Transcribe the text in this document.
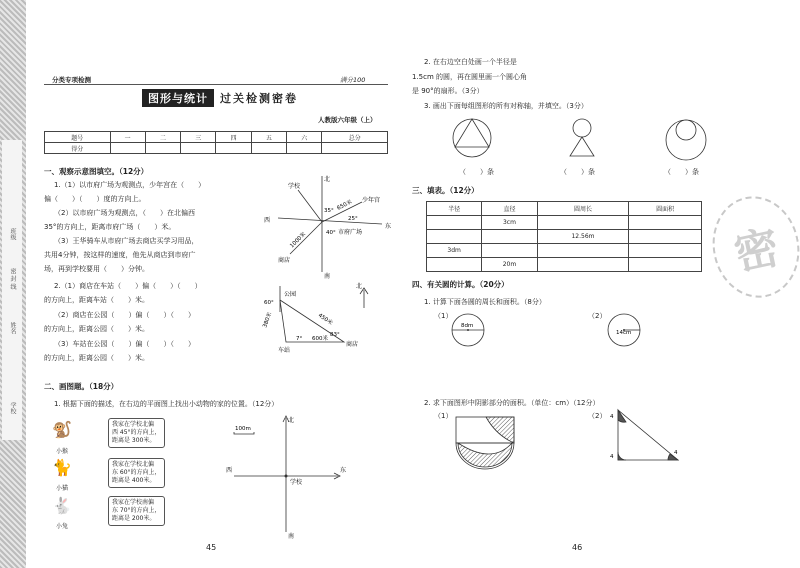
班级
密 封 线
姓名
学校
分类专项检测	满分100
图形与统计	过关检测密卷
人教版六年级（上）
题号	一	二	三	四	五	六	总分
得分							
一、观察示意图填空。（12分）
1.（1）以市府广场为观测点，少年宫在（　　）
偏（　　）（　　）度的方向上。
（2）以市府广场为观测点，（　　）在北偏西
35°的方向上，距离市府广场（　　）米。
（3）王华骑车从市府广场去商店买学习用品，
共用4分钟，按这样的速度，他先从商店到市府广
场，再到学校要用（　　）分钟。
2.（1）商店在车站（　　）偏（　　）（　　）
的方向上，距离车站（　　）米。
（2）商店在公园（　　）偏（　　）（　　）
的方向上，距离公园（　　）米。
（3）车站在公园（　　）偏（　　）（　　）
的方向上，距离公园（　　）米。
北
南
西
东
学校
少年宫
市府广场
商店
650米
1000米
25°
35°
40°
北
公园
车站
商店
380米	450米
600米
60°
7°
83°
二、画图题。（18分）
1. 根据下面的描述，在右边的平面图上找出小动物的家的位置。（12分）
🐒
小猴
我家在学校北偏
西 45°的方向上，
距离是 300米。
🐈
小猫
我家在学校北偏
东 60°的方向上，
距离是 400米。
🐇
小兔
我家在学校南偏
东 70°的方向上，
距离是 200米。
100m
北
南
西	东
学校
45
2. 在右边空白处画一个半径是
1.5cm 的圆，再在圆里画一个圆心角
是 90°的扇形。（3分）
3. 画出下面每组图形的所有对称轴，并填空。（3分）
（　　）条	（　　）条	（　　）条
三、填表。（12分）
半径	直径	圆周长	圆面积
	3cm		
		12.56m	
3dm			
	20m		
四、有关圆的计算。（20分）
1. 计算下面各圆的周长和面积。（8分）
（1）
8dm
（2）
14cm
2. 求下面图形中阴影部分的面积。（单位：cm）（12分）
（1）	（2） 4
4
4
46
密
